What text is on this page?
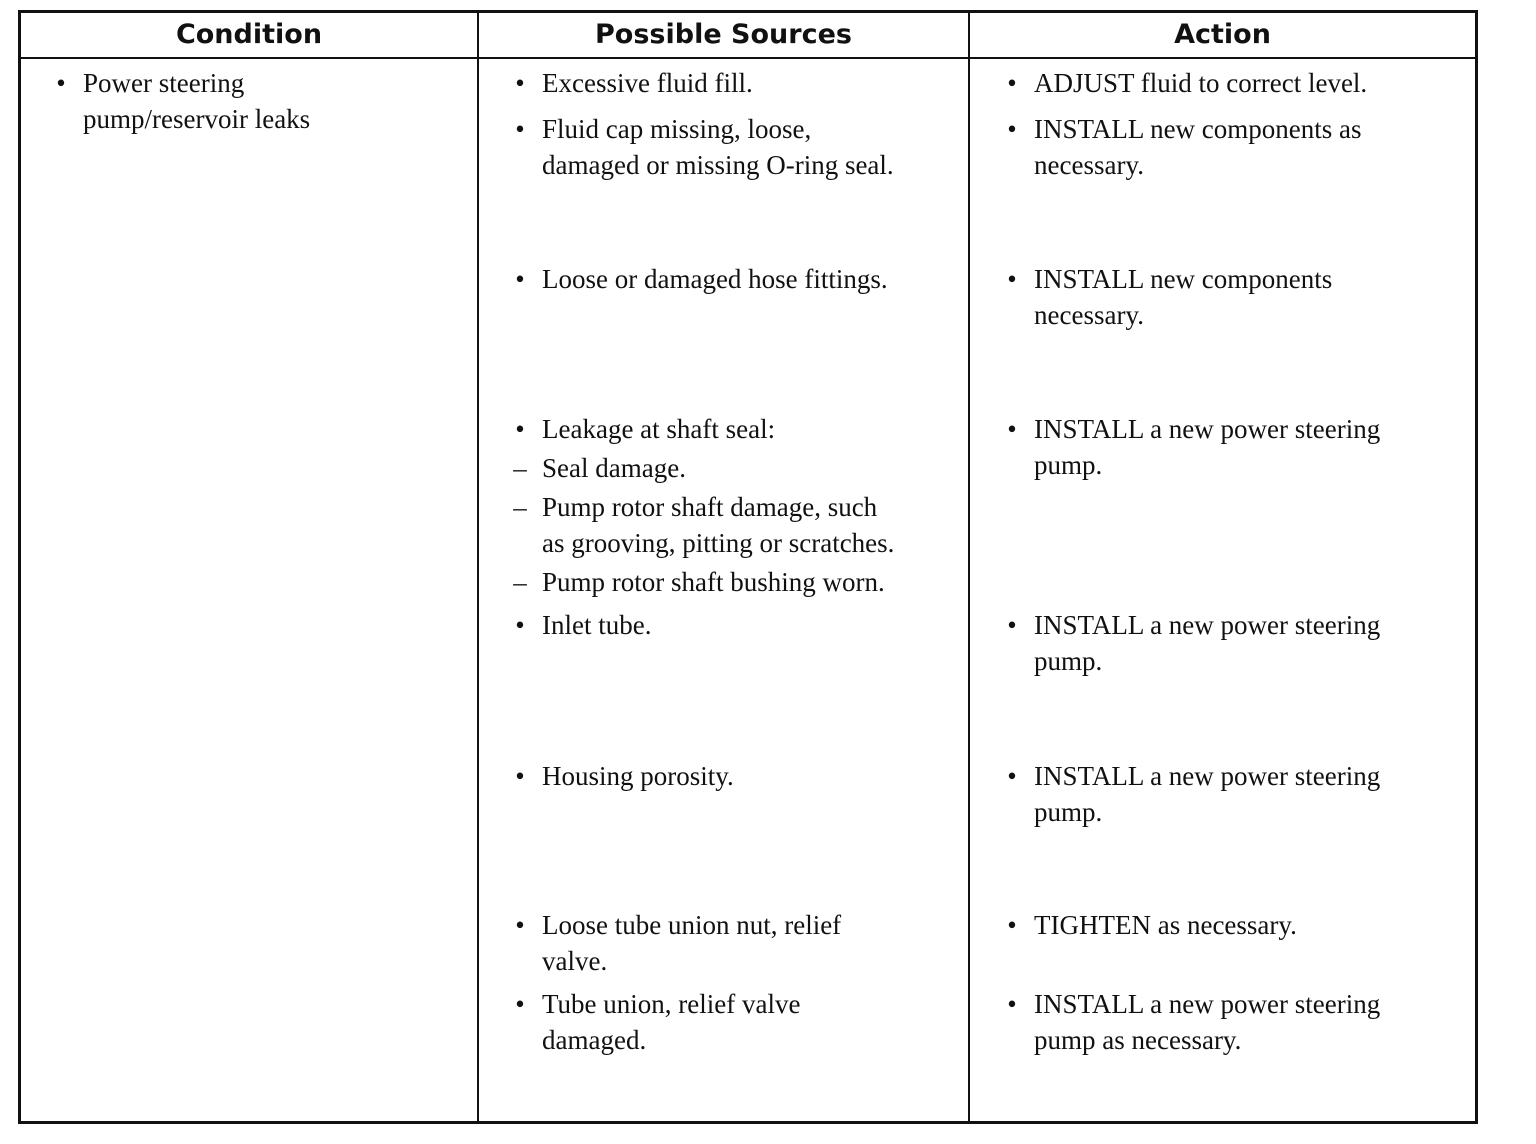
Condition	Possible Sources	Action
• Power steering
pump/reservoir leaks
• Excessive fluid fill.
• Fluid cap missing, loose,
damaged or missing O-ring seal.
• Loose or damaged hose fittings.
• Leakage at shaft seal:
– Seal damage.
– Pump rotor shaft damage, such
as grooving, pitting or scratches.
– Pump rotor shaft bushing worn.
• Inlet tube.
• Housing porosity.
• Loose tube union nut, relief
valve.
• Tube union, relief valve
damaged.
• ADJUST fluid to correct level.
• INSTALL new components as
necessary.
• INSTALL new components
necessary.
• INSTALL a new power steering
pump.
• INSTALL a new power steering
pump.
• INSTALL a new power steering
pump.
• TIGHTEN as necessary.
• INSTALL a new power steering
pump as necessary.
